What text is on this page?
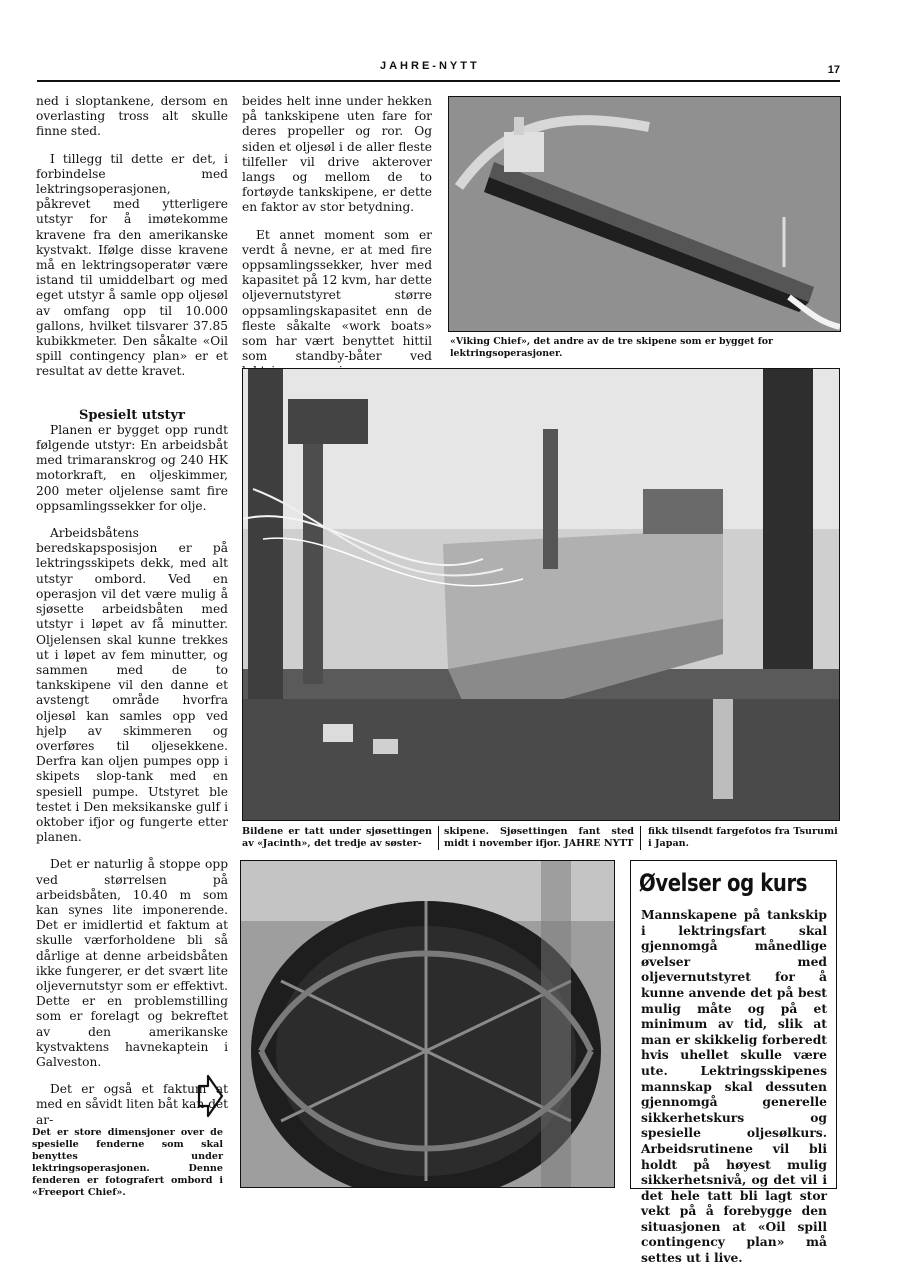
JAHRE-NYTT	17

ned i sloptankene, dersom en overlasting tross alt skulle finne sted.

I tillegg til dette er det, i forbindelse med lektringsoperasjonen, påkrevet med ytterligere utstyr for å imøtekomme kravene fra den amerikanske kystvakt. Ifølge disse kravene må en lektringsoperatør være istand til umiddelbart og med eget utstyr å samle opp oljesøl av omfang opp til 10.000 gallons, hvilket tilsvarer 37.85 kubikkmeter. Den såkalte «Oil spill contingency plan» er et resultat av dette kravet.

Spesielt utstyr

Planen er bygget opp rundt følgende utstyr: En arbeidsbåt med trimaranskrog og 240 HK motorkraft, en oljeskimmer, 200 meter oljelense samt fire oppsamlingssekker for olje.

Arbeidsbåtens beredskapsposisjon er på lektringsskipets dekk, med alt utstyr ombord. Ved en operasjon vil det være mulig å sjøsette arbeidsbåten med utstyr i løpet av få minutter. Oljelensen skal kunne trekkes ut i løpet av fem minutter, og sammen med de to tankskipene vil den danne et avstengt område hvorfra oljesøl kan samles opp ved hjelp av skimmeren og overføres til oljesekkene. Derfra kan oljen pumpes opp i skipets slop-tank med en spesiell pumpe. Utstyret ble testet i Den meksikanske gulf i oktober ifjor og fungerte etter planen.

Det er naturlig å stoppe opp ved størrelsen på arbeidsbåten, 10.40 m som kan synes lite imponerende. Det er imidlertid et faktum at skulle værforholdene bli så dårlige at denne arbeidsbåten ikke fungerer, er det svært lite oljevernutstyr som er effektivt. Dette er en problemstilling som er forelagt og bekreftet av den amerikanske kystvaktens havnekaptein i Galveston.

Det er også et faktum at med en såvidt liten båt kan det ar-

beides helt inne under hekken på tankskipene uten fare for deres propeller og ror. Og siden et oljesøl i de aller fleste tilfeller vil drive akterover langs og mellom de to fortøyde tankskipene, er dette en faktor av stor betydning.

Et annet moment som er verdt å nevne, er at med fire oppsamlingssekker, hver med kapasitet på 12 kvm, har dette oljevernutstyret større oppsamlingskapasitet enn de fleste såkalte «work boats» som har vært benyttet hittil som standby-båter ved

«Viking Chief», det andre av de tre skipene som er bygget for lektringsoperasjoner.
Bildene er tatt under sjøsettingen av «Jacinth», det tredje av søster-
skipene. Sjøsettingen fant sted midt i november ifjor. JAHRE NYTT
fikk tilsendt fargefotos fra Tsurumi i Japan.
Det er store dimensjoner over de spesielle fenderne som skal benyttes under lektringsoperasjonen. Denne fenderen er fotografert ombord i «Freeport Chief».
Øvelser og kurs
Mannskapene på tankskip i lektringsfart skal gjennomgå månedlige øvelser med oljevernutstyret for å kunne anvende det på best mulig måte og på et minimum av tid, slik at man er skikkelig forberedt hvis uhellet skulle være ute. Lektringsskipenes mannskap skal dessuten gjennomgå generelle sikkerhetskurs og spesielle oljesølkurs. Arbeidsrutinene vil bli holdt på høyest mulig sikkerhetsnivå, og det vil i det hele tatt bli lagt stor vekt på å forebygge den situasjonen at «Oil spill contingency plan» må settes ut i live.
